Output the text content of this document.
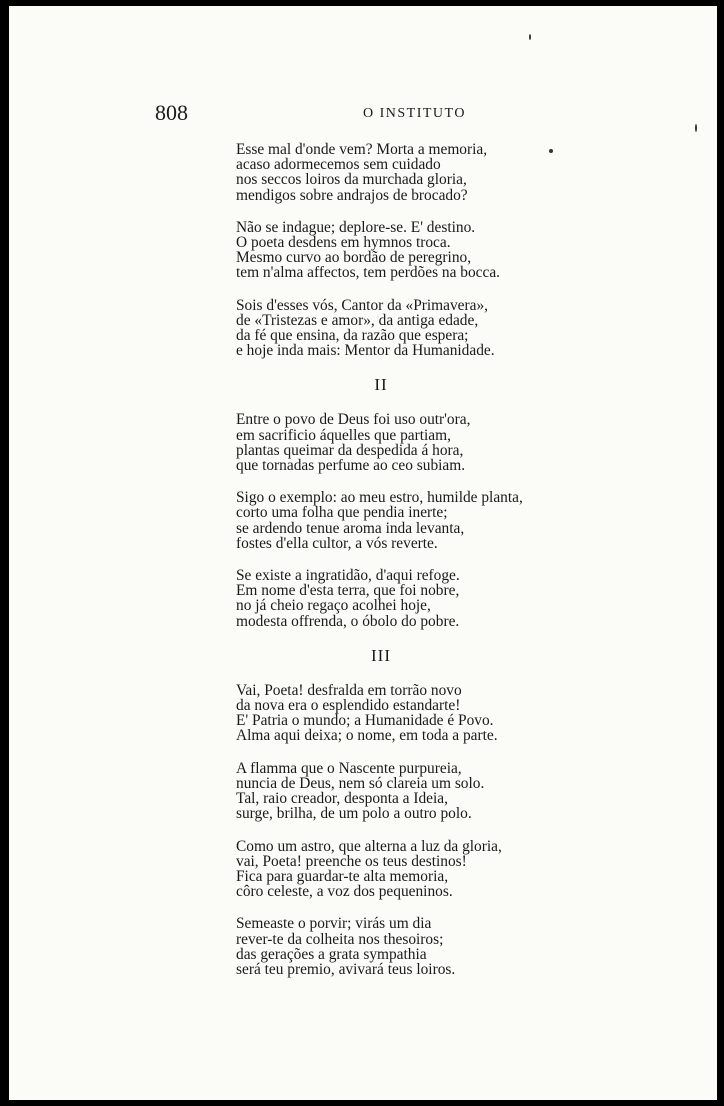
808	O INSTITUTO
Esse mal d'onde vem? Morta a memoria,
acaso adormecemos sem cuidado
nos seccos loiros da murchada gloria,
mendigos sobre andrajos de brocado?
Não se indague; deplore-se. E' destino.
O poeta desdens em hymnos troca.
Mesmo curvo ao bordão de peregrino,
tem n'alma affectos, tem perdões na bocca.
Sois d'esses vós, Cantor da «Primavera»,
de «Tristezas e amor», da antiga edade,
da fé que ensina, da razão que espera;
e hoje inda mais: Mentor da Humanidade.
II
Entre o povo de Deus foi uso outr'ora,
em sacrificio áquelles que partiam,
plantas queimar da despedida á hora,
que tornadas perfume ao ceo subiam.
Sigo o exemplo: ao meu estro, humilde planta,
corto uma folha que pendia inerte;
se ardendo tenue aroma inda levanta,
fostes d'ella cultor, a vós reverte.
Se existe a ingratidão, d'aqui refoge.
Em nome d'esta terra, que foi nobre,
no já cheio regaço acolhei hoje,
modesta offrenda, o óbolo do pobre.
III
Vai, Poeta! desfralda em torrão novo
da nova era o esplendido estandarte!
E' Patria o mundo; a Humanidade é Povo.
Alma aqui deixa; o nome, em toda a parte.
A flamma que o Nascente purpureia,
nuncia de Deus, nem só clareia um solo.
Tal, raio creador, desponta a Ideia,
surge, brilha, de um polo a outro polo.
Como um astro, que alterna a luz da gloria,
vai, Poeta! preenche os teus destinos!
Fica para guardar-te alta memoria,
côro celeste, a voz dos pequeninos.
Semeaste o porvir; virás um dia
rever-te da colheita nos thesoiros;
das gerações a grata sympathia
será teu premio, avivará teus loiros.
